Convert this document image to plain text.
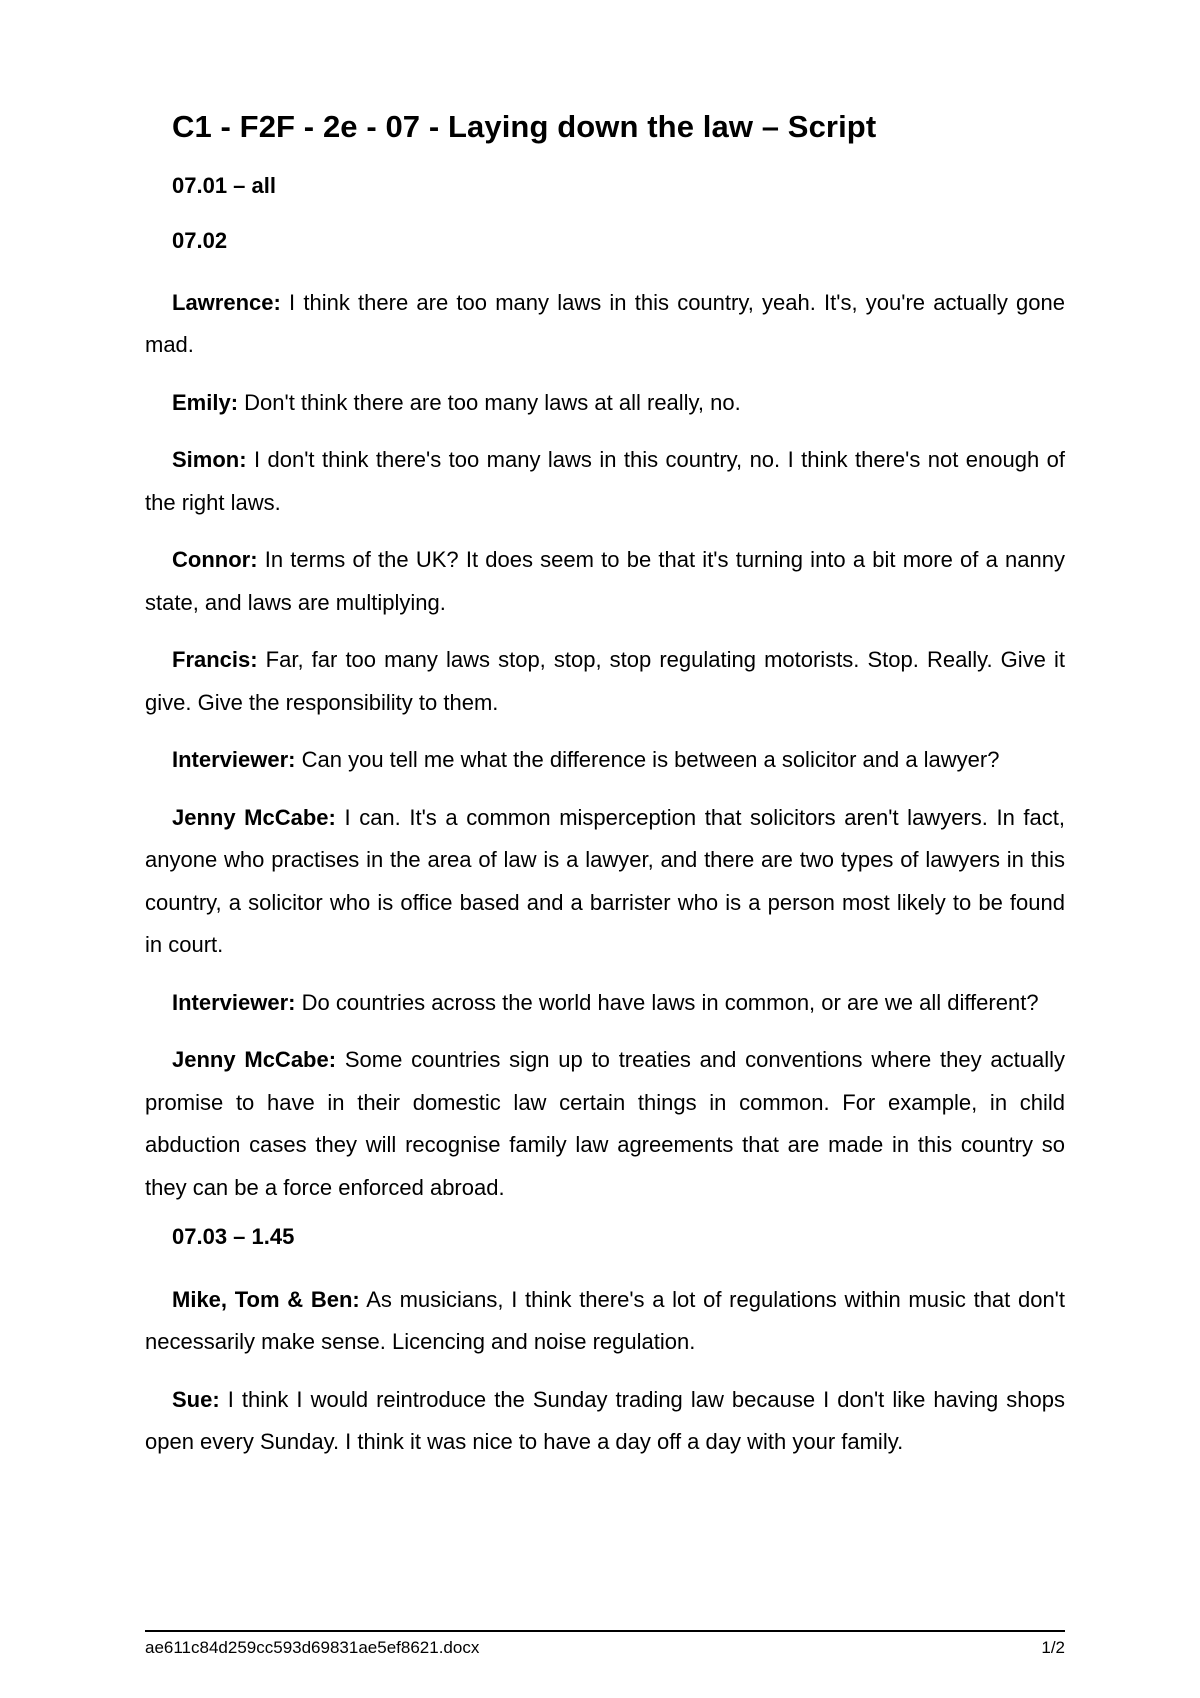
C1 - F2F - 2e - 07 - Laying down the law – Script
07.01 – all
07.02

Lawrence: I think there are too many laws in this country, yeah. It's, you're actually gone mad.

Emily: Don't think there are too many laws at all really, no.

Simon: I don't think there's too many laws in this country, no. I think there's not enough of the right laws.

Connor: In terms of the UK? It does seem to be that it's turning into a bit more of a nanny state, and laws are multiplying.

Francis: Far, far too many laws stop, stop, stop regulating motorists. Stop. Really. Give it give. Give the responsibility to them.

Interviewer: Can you tell me what the difference is between a solicitor and a lawyer?

Jenny McCabe: I can. It's a common misperception that solicitors aren't lawyers. In fact, anyone who practises in the area of law is a lawyer, and there are two types of lawyers in this country, a solicitor who is office based and a barrister who is a person most likely to be found in court.

Interviewer: Do countries across the world have laws in common, or are we all different?

Jenny McCabe: Some countries sign up to treaties and conventions where they actually promise to have in their domestic law certain things in common. For example, in child abduction cases they will recognise family law agreements that are made in this country so they can be a force enforced abroad.

07.03 – 1.45

Mike, Tom & Ben: As musicians, I think there's a lot of regulations within music that don't necessarily make sense. Licencing and noise regulation.

Sue: I think I would reintroduce the Sunday trading law because I don't like having shops open every Sunday. I think it was nice to have a day off a day with your family.

ae611c84d259cc593d69831ae5ef8621.docx	1/2
